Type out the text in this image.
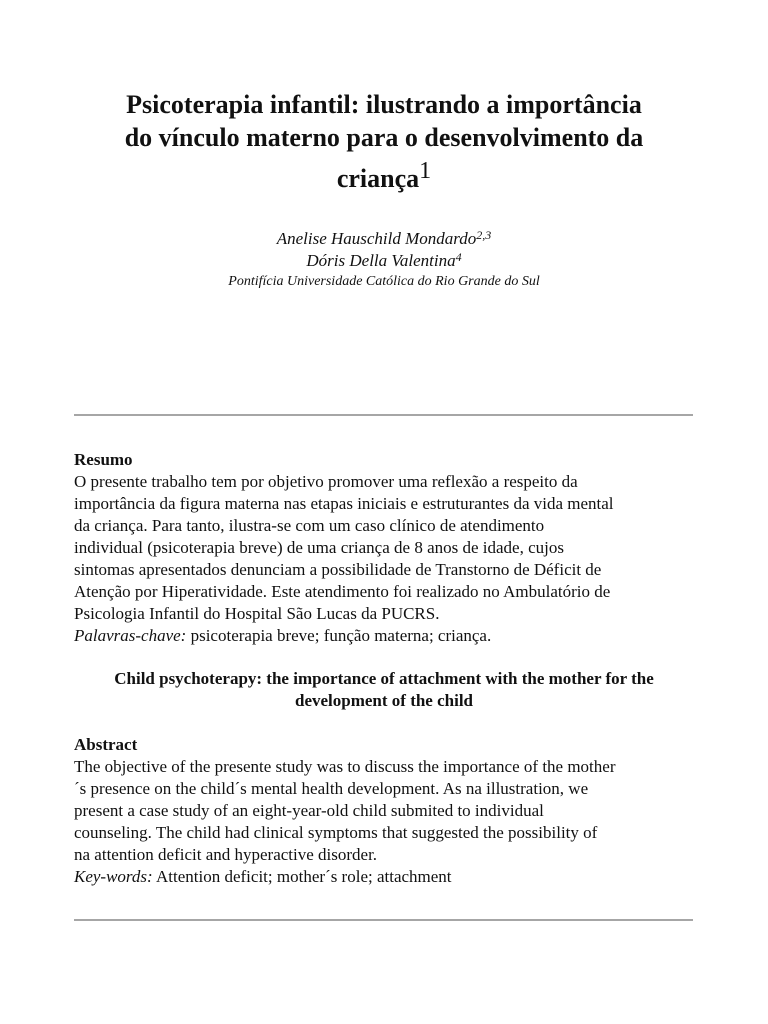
Psicoterapia infantil: ilustrando a importância
do vínculo materno para o desenvolvimento da
criança$^1$
Anelise Hauschild Mondardo$^{2,3}$
Dóris Della Valentina$^4$
Pontifícia Universidade Católica do Rio Grande do Sul

Resumo

O presente trabalho tem por objetivo promover uma reflexão a respeito da

importância da figura materna nas etapas iniciais e estruturantes da vida mental

da criança. Para tanto, ilustra-se com um caso clínico de atendimento

individual (psicoterapia breve) de uma criança de 8 anos de idade, cujos

sintomas apresentados denunciam a possibilidade de Transtorno de Déficit de

Atenção por Hiperatividade. Este atendimento foi realizado no Ambulatório de

Psicologia Infantil do Hospital São Lucas da PUCRS.

Palavras-chave: psicoterapia breve; função materna; criança.

Child psychoterapy: the importance of attachment with the mother for the
development of the child

Abstract

The objective of the presente study was to discuss the importance of the mother

´s presence on the child´s mental health development. As na illustration, we

present a case study of an eight-year-old child submited to individual

counseling. The child had clinical symptoms that suggested the possibility of

na attention deficit and hyperactive disorder.

Key-words: Attention deficit; mother´s role; attachment
